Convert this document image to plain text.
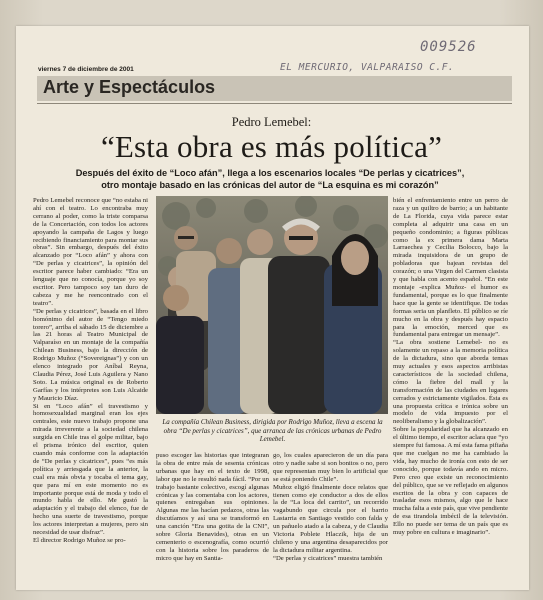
009526
EL MERCURIO, VALPARAISO C.F.
viernes 7 de diciembre de 2001
Arte y Espectáculos
Pedro Lemebel:
“Esta obra es más política”
Después del éxito de “Loco afán”, llega a los escenarios locales “De perlas y cicatrices”, otro montaje basado en las crónicas del autor de “La esquina es mi corazón”
Pedro Lemebel reconoce que “no estaba ni ahí con el teatro. Lo encontraba muy cerrano al poder, como la triste comparsa de la Concertación, con todos los actores apoyando la campaña de Lagos y luego recibiendo financiamiento para montar sus obras”. Sin embargo, después del éxito alcanzado por “Loco afán” y ahora con “De perlas y cicatrices”, la opinión del escritor parece haber cambiado: “Era un lenguaje que no conocía, porque yo soy escritor. Pero tampoco soy tan duro de cabeza y me he reencontrado con el teatro”.
“De perlas y cicatrices”, basada en el libro homónimo del autor de “Tengo miedo torero”, arriba el sábado 15 de diciembre a las 21 horas al Teatro Municipal de Valparaíso en un montaje de la compañía Chilean Business, bajo la dirección de Rodrigo Muñoz (“Sovereignas”) y con un elenco integrado por Aníbal Reyna, Claudia Pérez, José Luis Aguilera y Nano Soto. La música original es de Roberto Garfías y los intérpretes son Luis Alcaide y Mauricio Díaz.
Si en “Loco afán” el travestismo y homosexualidad marginal eran los ejes centrales, este nuevo trabajo propone una mirada irreverente a la sociedad chilena surgida en Chile tras el golpe militar, bajo el prisma irónico del escritor, quien cuando más conforme con la adaptación de “De perlas y cicatrices”, pues “es más política y arriesgada que la anterior, la cual era más obvia y tocaba el tema gay, que para mí en este momento no es importante porque está de moda y todo el mundo habla de ello. Me gustó la adaptación y el trabajo del elenco, fue de hecho una suerte de travestismo, porque los actores interpretan a mujeres, pero sin necesidad de usar disfraz”.
El director Rodrigo Muñoz se pro-
La compañía Chilean Business, dirigida por Rodrigo Muñoz, lleva a escena la obra “De perlas y cicatrices”, que arranca de las crónicas urbanas de Pedro Lemebel.
puso escoger las historias que integraran la obra de entre más de sesenta crónicas urbanas que hay en el texto de 1998, labor que no le resultó nada fácil. “Por un trabajo bastante colectivo, escogí algunas crónicas y las comentaba con los actores, quienes entregaban sus opiniones. Algunas me las hacían pedazos, otras las discutíamos y así una se transformó en una canción “Era una gotita de la CNI”, sobre Gloria Benavides), otras en un cementerio o escenografía, como ocurrió con la historia sobre los paraderos de micro que hay en Santia-
go, los cuales aparecieron de un día para otro y nadie sabe si son bonitos o no, pero que representan muy bien lo artificial que se está poniendo Chile”.
Muñoz eligió finalmente doce relatos que tienen como eje conductor a dos de ellos la de “La loca del carrito”, un recorrido vagabundo que circula por el barrio Lastarria en Santiago vestido con falda y un pañuelo atado a la cabeza, y de Claudia Victoria Poblete Hlaczik, hija de un chileno y una argentina desaparecidos por la dictadura militar argentina.
“De perlas y cicatrices” muestra también
bién el enfrentamiento entre un perro de raza y un quiltro de barrio; a un habitante de La Florida, cuya vida parece estar completa al adquirir una casa en un pequeño condominio; a figuras públicas como la ex primera dama Marta Larraechea y Cecilia Bolocco, bajo la mirada inquisidora de un grupo de pobladoras que bajean revistas del corazón; o una Virgen del Carmen clasista y que habla con acento español. “En este montaje -explica Muñoz- el humor es fundamental, porque es lo que finalmente hace que la gente se identifique. De todas formas seria un planfleto. El público se ríe mucho en la obra y después hay espacio para la emoción, merced que es fundamental para entregar un mensaje”.
“La obra sostiene Lemebel- no es solamente un repaso a la memoria política de la dictadura, sino que aborda temas muy actuales y esos aspectos arribistas característicos de la sociedad chilena, cómo la fiebre del mall y la transformación de las ciudades en lugares cerrados y estrictamente vigilados. Ésta es una propuesta crítica e irónica sobre un modelo de vida impuesto por el neoliberalismo y la globalización”.
Sobre la popularidad que ha alcanzado en el último tiempo, el escritor aclara que “yo siempre fui famosa. A mí esta fama pifiaña que me cuelgan no me ha cambiado la vida, hay mucho de ironía con esto de ser conocido, porque todavía ando en micro. Pero creo que existe un reconocimiento del público, que se ve reflejado en algunos escritos de la obra y con capaces de trasladar esos mismos, algo que le hace mucha falta a este país, que vive pendiente de esa tirandola imbécil de la televisión. Ello no puede ser tema de un país que es muy pobre en cultura e imaginario”.
